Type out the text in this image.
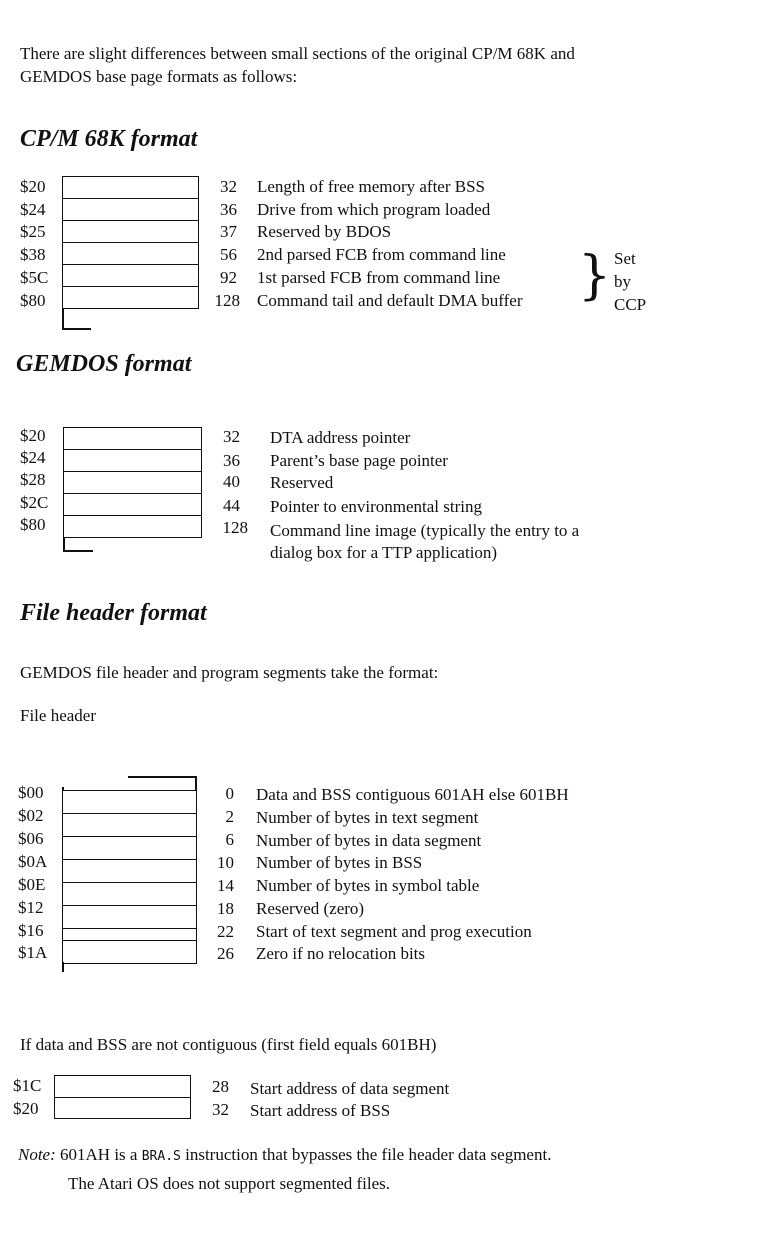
There are slight differences between small sections of the original CP/M 68K and
GEMDOS base page formats as follows:
CP/M 68K format
$20
$24
$25
$38
$5C
$80
32
36
37
56
92
128
Length of free memory after BSS
Drive from which program loaded
Reserved by BDOS
2nd parsed FCB from command line
1st parsed FCB from command line
Command tail and default DMA buffer } Set
by
CCP
GEMDOS format
$20
$24
$28
$2C
$80
32
36
40
44
128
DTA address pointer
Parent’s base page pointer
Reserved
Pointer to environmental string
Command line image (typically the entry to a
dialog box for a TTP application)
File header format
GEMDOS file header and program segments take the format:
File header
$00
$02
$06
$0A
$0E
$12
$16
$1A
0
2
6
10
14
18
22
26
Data and BSS contiguous 601AH else 601BH
Number of bytes in text segment
Number of bytes in data segment
Number of bytes in BSS
Number of bytes in symbol table
Reserved (zero)
Start of text segment and prog execution
Zero if no relocation bits
If data and BSS are not contiguous (first field equals 601BH)
$1C
$20
28
32
Start address of data segment
Start address of BSS
Note: 601AH is a BRA.S instruction that bypasses the file header data segment.
The Atari OS does not support segmented files.
